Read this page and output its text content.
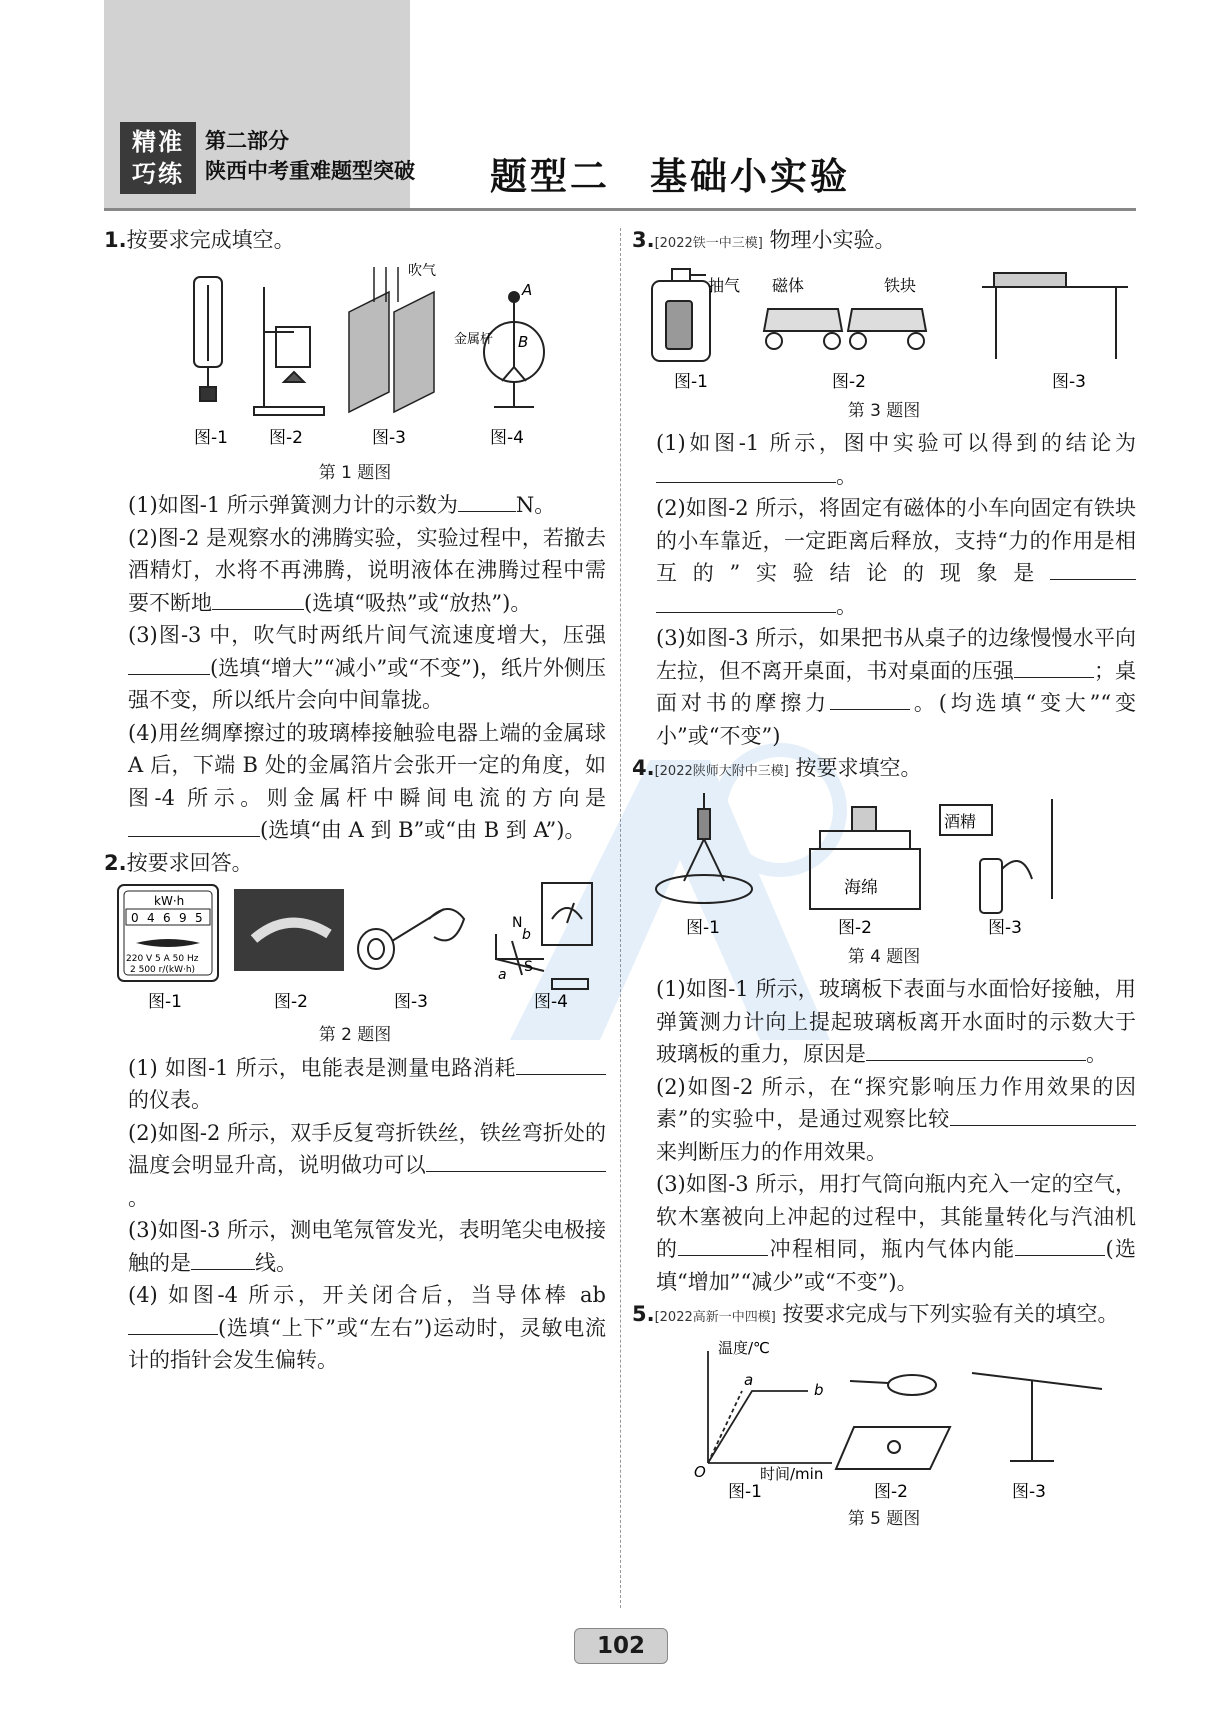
精准
巧练
第二部分
陕西中考重难题型突破 题型二　基础小实验

1.按要求完成填空。

吹气
A
B
金属杆
图-1 图-2	图-3	图-4

第 1 题图

(1)如图-1 所示弹簧测力计的示数为	N。

(2)图-2 是观察水的沸腾实验，实验过程中，若撤去酒精灯，水将不再沸腾，说明液体在沸腾过程中需要不断地	(选填“吸热”或“放热”)。

(3)图-3 中，吹气时两纸片间气流速度增大，压强(选填“增大”“减小”或“不变”)，纸片外侧压强不变，所以纸片会向中间靠拢。

(4)用丝绸摩擦过的玻璃棒接触验电器上端的金属球 A 后，下端 B 处的金属箔片会张开一定的角度，如图-4 所示。则金属杆中瞬间电流的方向是(选填“由 A 到 B”或“由 B 到 A”)。

2.按要求回答。

kW·h
0 4 6 9 5
220 V 5 A 50 Hz
2 500 r/(kW·h)
N
b
a S
图-1	图-2	图-3	图-4

第 2 题图

(1) 如图-1 所示，电能表是测量电路消耗的仪表。

(2)如图-2 所示，双手反复弯折铁丝，铁丝弯折处的温度会明显升高，说明做功可以。

(3)如图-3 所示，测电笔氖管发光，表明笔尖电极接触的是	线。

(4) 如图-4 所示，开关闭合后，当导体棒 ab(选填“上下”或“左右”)运动时，灵敏电流计的指针会发生偏转。

3.[2022铁一中三模] 物理小实验。

抽气 磁体	铁块
图-1	图-2	图-3

第 3 题图

(1)如图-1 所示，图中实验可以得到的结论为。

(2)如图-2 所示，将固定有磁体的小车向固定有铁块的小车靠近，一定距离后释放，支持“力的作用是相互的”实验结论的现象是。

(3)如图-3 所示，如果把书从桌子的边缘慢慢水平向左拉，但不离开桌面，书对桌面的压强	；桌面对书的摩擦力	。(均选填“变大”“变小”或“不变”)

4.[2022陕师大附中三模] 按要求填空。

海绵
酒精
图-1	图-2	图-3

第 4 题图

(1)如图-1 所示，玻璃板下表面与水面恰好接触，用弹簧测力计向上提起玻璃板离开水面时的示数大于玻璃板的重力，原因是	。

(2)如图-2 所示，在“探究影响压力作用效果的因素”的实验中，是通过观察比较来判断压力的作用效果。

(3)如图-3 所示，用打气筒向瓶内充入一定的空气，软木塞被向上冲起的过程中，其能量转化与汽油机的	冲程相同，瓶内气体内能	(选填“增加”“减少”或“不变”)。

5.[2022高新一中四模] 按要求完成与下列实验有关的填空。

温度/℃
时间/min
O
a
b
图-1	图-2	图-3

第 5 题图

102
